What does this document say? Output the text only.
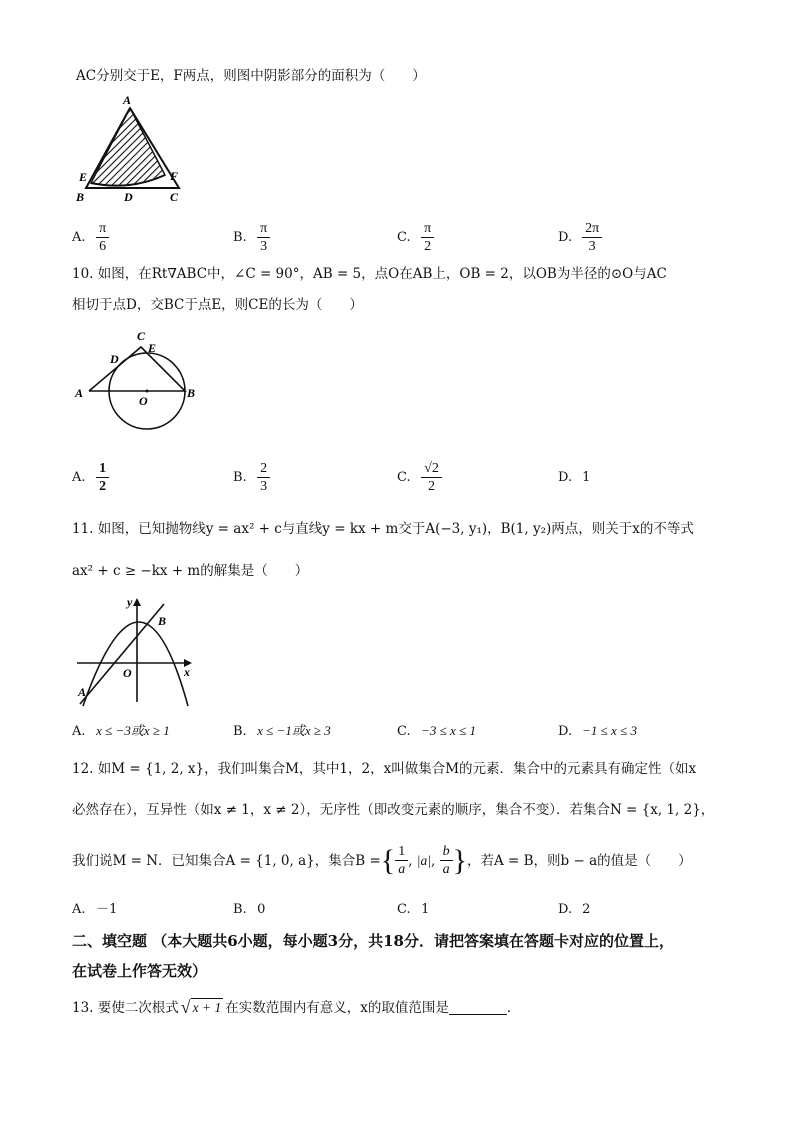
AC分别交于E，F两点，则图中阴影部分的面积为（　　）
A
E	F
B	D	C
A. $\frac{\pi}{6}$	B. $\frac{\pi}{3}$	C. $\frac{\pi}{2}$	D. $\frac{2\pi}{3}$
10. 如图，在Rt∇ABC中，∠C = 90°，AB = 5，点O在AB上，OB = 2，以OB为半径的⊙O与AC
相切于点D，交BC于点E，则CE的长为（　　）
C
E
D
A
O
B
A. $\frac{1}{2}$	B. $\frac{2}{3}$	C. $\frac{√2}{2}$	D. 1
11. 如图，已知抛物线y = ax² + c与直线y = kx + m交于A(−3, y₁)，B(1, y₂)两点，则关于x的不等式
ax² + c ≥ −kx + m的解集是（　　）
y
B
O	x
A
A. x ≤ −3或x ≥ 1	B. x ≤ −1或x ≥ 3	C. −3 ≤ x ≤ 1	D. −1 ≤ x ≤ 3
12. 如M = {1, 2, x}，我们叫集合M，其中1，2，x叫做集合M的元素．集合中的元素具有确定性（如x
必然存在），互异性（如x ≠ 1，x ≠ 2），无序性（即改变元素的顺序，集合不变）．若集合N = {x, 1, 2}，
我们说M = N．已知集合A = {1, 0, a}，集合B = { $\frac{1}{a}$ , |a| , $\frac{b}{a}$ } ，若A = B，则b − a的值是（　　）
A. －1	B. 0	C. 1	D. 2
二、填空题 （本大题共6小题，每小题3分，共18分．请把答案填在答题卡对应的位置上，
在试卷上作答无效）
13. 要使二次根式 √ x + 1 在实数范围内有意义，x的取值范围是	．
